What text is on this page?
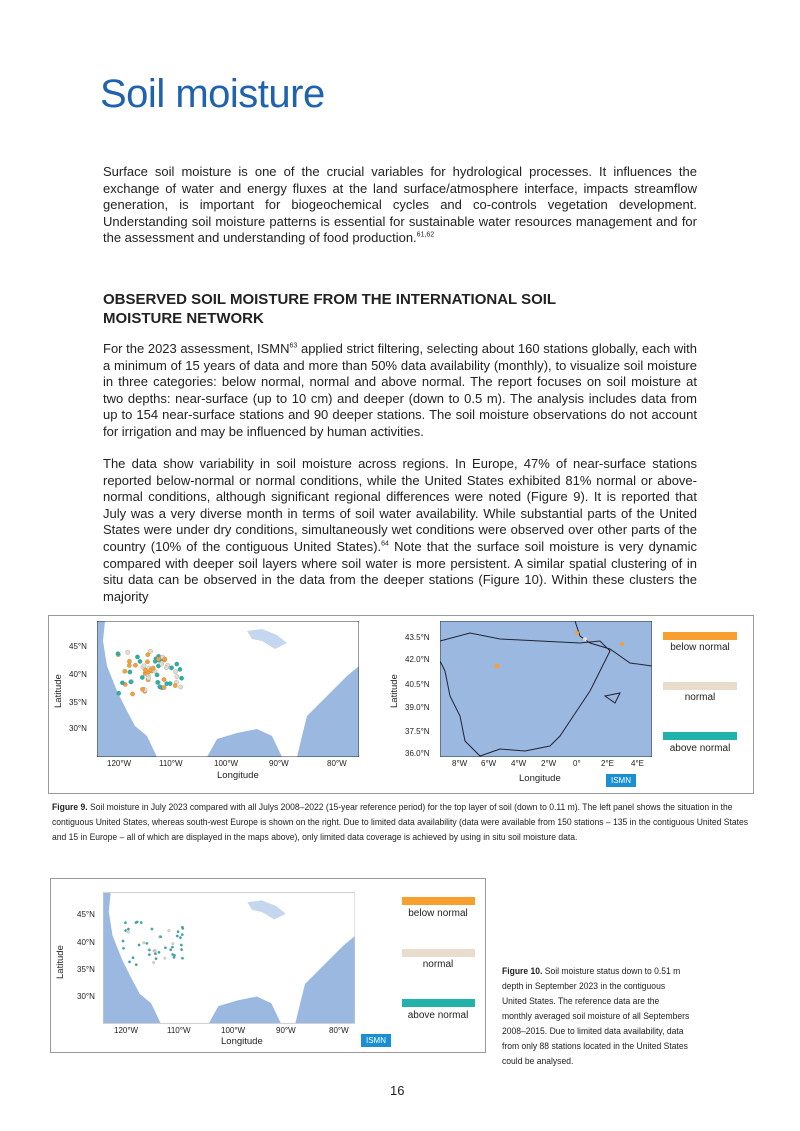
Soil moisture

Surface soil moisture is one of the crucial variables for hydrological processes. It influences the exchange of water and energy fluxes at the land surface/atmosphere interface, impacts streamflow generation, is important for biogeochemical cycles and co-controls vegetation development. Understanding soil moisture patterns is essential for sustainable water resources management and for the assessment and understanding of food production.$^{61,62}$

OBSERVED SOIL MOISTURE FROM THE INTERNATIONAL SOIL MOISTURE NETWORK

For the 2023 assessment, ISMN$^{63}$ applied strict filtering, selecting about 160 stations globally, each with a minimum of 15 years of data and more than 50% data availability (monthly), to visualize soil moisture in three categories: below normal, normal and above normal. The report focuses on soil moisture at two depths: near-surface (up to 10 cm) and deeper (down to 0.5 m). The analysis includes data from up to 154 near-surface stations and 90 deeper stations. The soil moisture observations do not account for irrigation and may be influenced by human activities.

The data show variability in soil moisture across regions. In Europe, 47% of near-surface stations reported below-normal or normal conditions, while the United States exhibited 81% normal or above-normal conditions, although significant regional differences were noted (Figure 9). It is reported that July was a very diverse month in terms of soil water availability. While substantial parts of the United States were under dry conditions, simultaneously wet conditions were observed over other parts of the country (10% of the contiguous United States).$^{64}$ Note that the surface soil moisture is very dynamic compared with deeper soil layers where soil water is more persistent. A similar spatial clustering of in situ data can be observed in the data from the deeper stations (Figure 10). Within these clusters the majority

Latitude
45°N
40°N
35°N
30°N
120°W	110°W	100°W	90°W	80°W
Longitude
Latitude
43.5°N
42.0°N
40.5°N
39.0°N
37.5°N
36.0°N
8°W 6°W 4°W 2°W 0°	2°E 4°E
Longitude	ISMN
below normal
normal
above normal
Figure 9. Soil moisture in July 2023 compared with all Julys 2008–2022 (15-year reference period) for the top layer of soil (down to 0.11 m). The left panel shows the situation in the contiguous United States, whereas south-west Europe is shown on the right. Due to limited data availability (data were available from 150 stations – 135 in the contiguous United States and 15 in Europe – all of which are displayed in the maps above), only limited data coverage is achieved by using in situ soil moisture data.
Latitude
45°N
40°N
35°N
30°N
120°W	110°W	100°W	90°W	80°W
Longitude	ISMN
below normal
normal
above normal
Figure 10. Soil moisture status down to 0.51 m depth in September 2023 in the contiguous United States. The reference data are the monthly averaged soil moisture of all Septembers 2008–2015. Due to limited data availability, data from only 88 stations located in the United States could be analysed.
16
